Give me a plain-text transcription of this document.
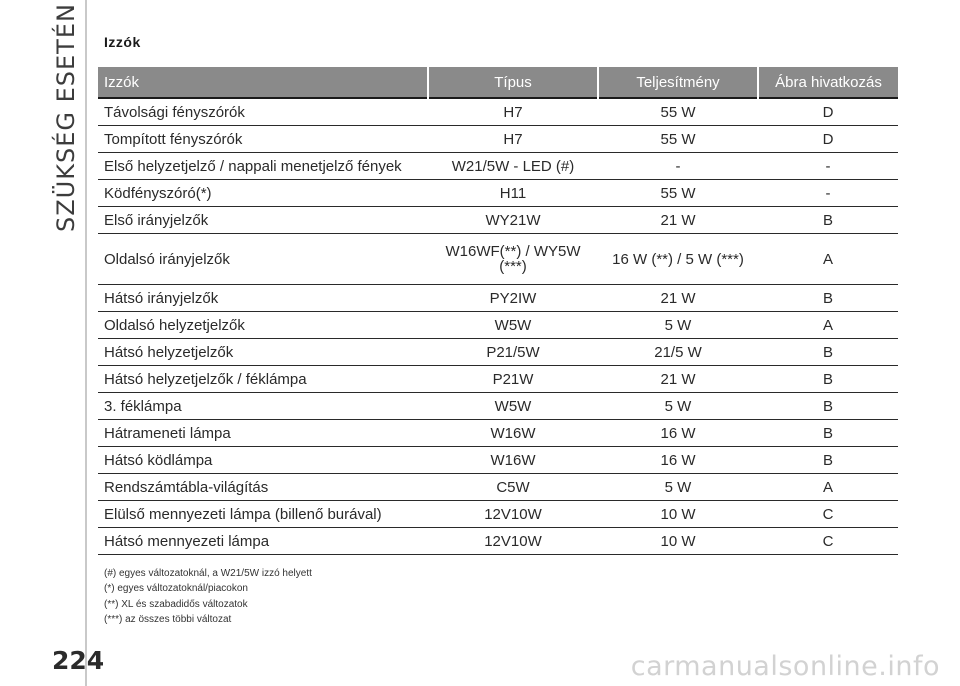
SZÜKSÉG ESETÉN
224
Izzók
Izzók	Típus	Teljesítmény	Ábra hivatkozás
Távolsági fényszórók	H7	55 W	D
Tompított fényszórók	H7	55 W	D
Első helyzetjelző / nappali menetjelző fények	W21/5W - LED (#)	-	-
Ködfényszóró(*)	H11	55 W	-
Első irányjelzők	WY21W	21 W	B
Oldalsó irányjelzők	W16WF(**) / WY5W (***)	16 W (**) / 5 W (***)	A
Hátsó irányjelzők	PY2IW	21 W	B
Oldalsó helyzetjelzők	W5W	5 W	A
Hátsó helyzetjelzők	P21/5W	21/5 W	B
Hátsó helyzetjelzők / féklámpa	P21W	21 W	B
3. féklámpa	W5W	5 W	B
Hátrameneti lámpa	W16W	16 W	B
Hátsó ködlámpa	W16W	16 W	B
Rendszámtábla-világítás	C5W	5 W	A
Elülső mennyezeti lámpa (billenő burával)	12V10W	10 W	C
Hátsó mennyezeti lámpa	12V10W	10 W	C
(#) egyes változatoknál, a W21/5W izzó helyett
(*) egyes változatoknál/piacokon
(**) XL és szabadidős változatok
(***) az összes többi változat
carmanualsonline.info
